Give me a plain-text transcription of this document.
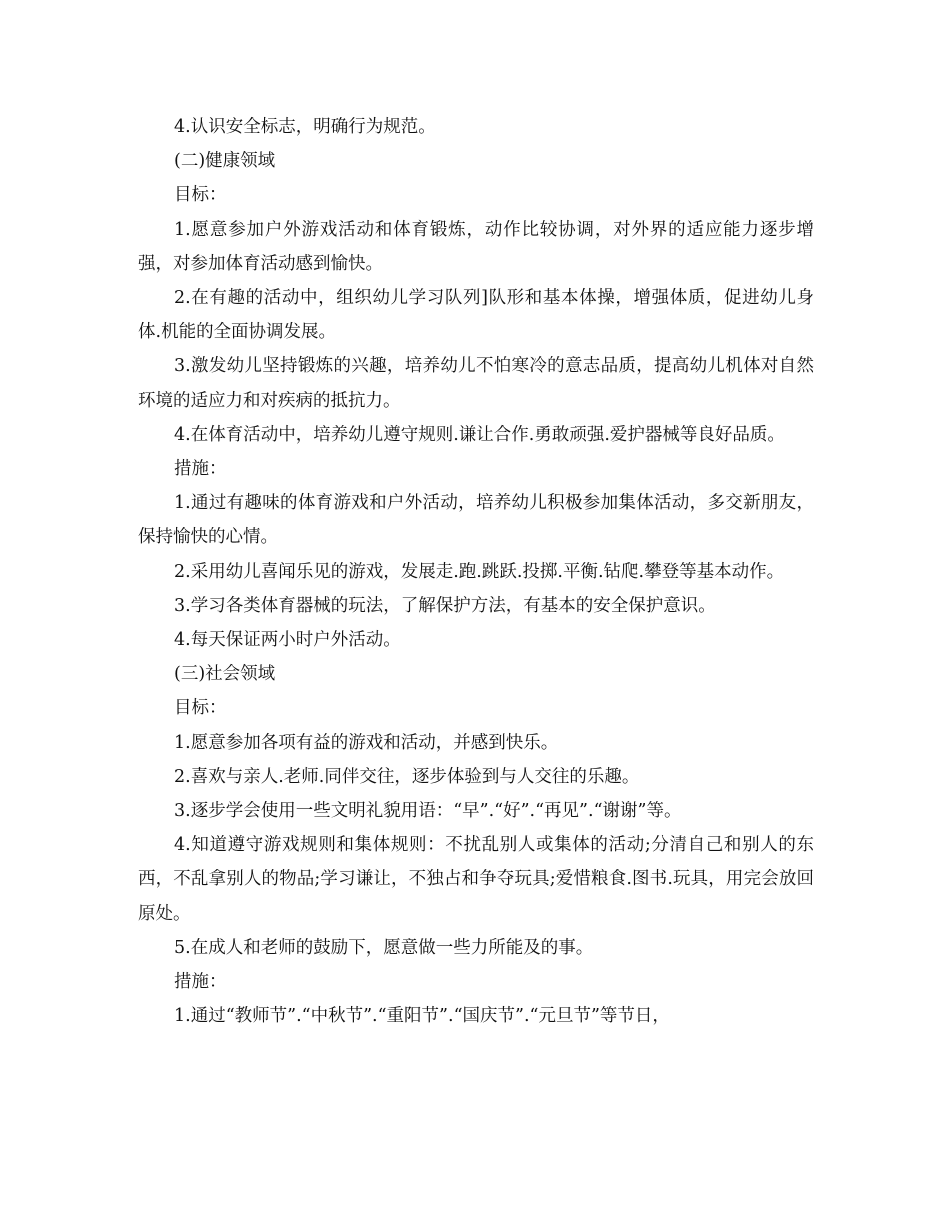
4.认识安全标志，明确行为规范。

(二)健康领域

目标：

1.愿意参加户外游戏活动和体育锻炼，动作比较协调，对外界的适应能力逐步增强，对参加体育活动感到愉快。

2.在有趣的活动中，组织幼儿学习队列]队形和基本体操，增强体质，促进幼儿身体.机能的全面协调发展。

3.激发幼儿坚持锻炼的兴趣，培养幼儿不怕寒冷的意志品质，提高幼儿机体对自然环境的适应力和对疾病的抵抗力。

4.在体育活动中，培养幼儿遵守规则.谦让合作.勇敢顽强.爱护器械等良好品质。

措施：

1.通过有趣味的体育游戏和户外活动，培养幼儿积极参加集体活动，多交新朋友，保持愉快的心情。

2.采用幼儿喜闻乐见的游戏，发展走.跑.跳跃.投掷.平衡.钻爬.攀登等基本动作。

3.学习各类体育器械的玩法，了解保护方法，有基本的安全保护意识。

4.每天保证两小时户外活动。

(三)社会领域

目标：

1.愿意参加各项有益的游戏和活动，并感到快乐。

2.喜欢与亲人.老师.同伴交往，逐步体验到与人交往的乐趣。

3.逐步学会使用一些文明礼貌用语：“早”.“好”.“再见”.“谢谢”等。

4.知道遵守游戏规则和集体规则：不扰乱别人或集体的活动;分清自己和别人的东西，不乱拿别人的物品;学习谦让，不独占和争夺玩具;爱惜粮食.图书.玩具，用完会放回原处。

5.在成人和老师的鼓励下，愿意做一些力所能及的事。

措施：

1.通过“教师节”.“中秋节”.“重阳节”.“国庆节”.“元旦节”等节日，
